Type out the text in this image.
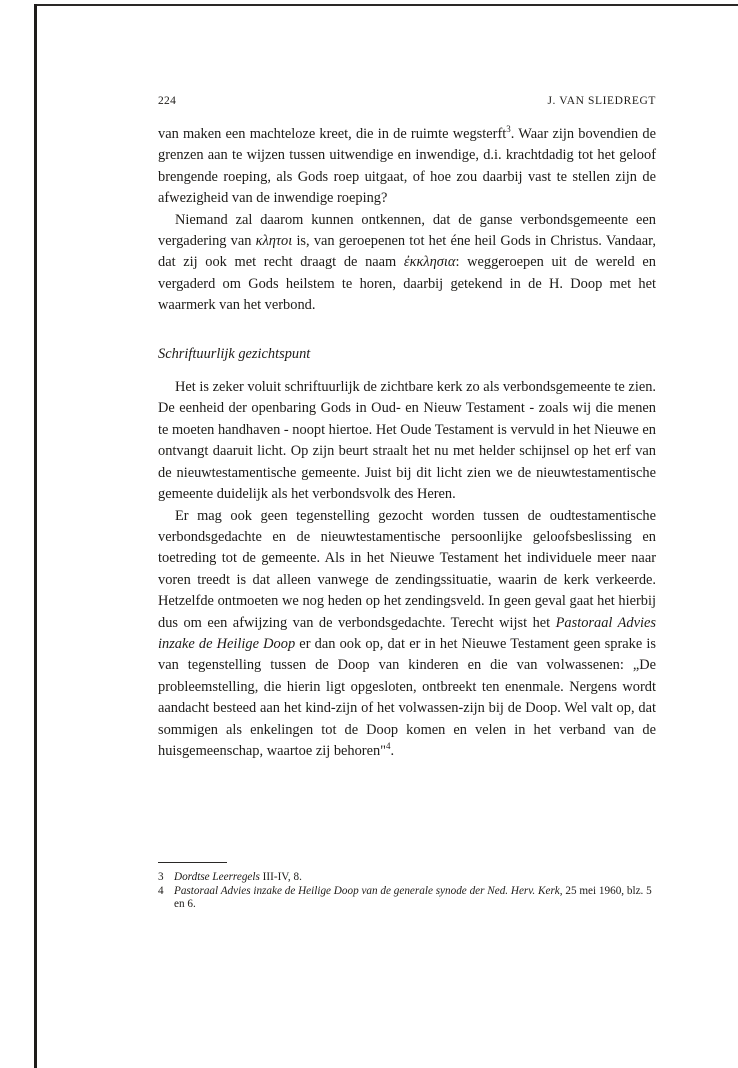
224	J. VAN SLIEDREGT

van maken een machteloze kreet, die in de ruimte wegsterft$^3$. Waar zijn bovendien de grenzen aan te wijzen tussen uitwendige en inwendige, d.i. krachtdadig tot het geloof brengende roeping, als Gods roep uitgaat, of hoe zou daarbij vast te stellen zijn de afwezigheid van de inwendige roeping?

Niemand zal daarom kunnen ontkennen, dat de ganse verbondsgemeente een vergadering van κλητοι is, van geroepenen tot het éne heil Gods in Christus. Vandaar, dat zij ook met recht draagt de naam ἐκκλησια: weggeroepen uit de wereld en vergaderd om Gods heilstem te horen, daarbij getekend in de H. Doop met het waarmerk van het verbond.

Schriftuurlijk gezichtspunt

Het is zeker voluit schriftuurlijk de zichtbare kerk zo als verbondsgemeente te zien. De eenheid der openbaring Gods in Oud- en Nieuw Testament - zoals wij die menen te moeten handhaven - noopt hiertoe. Het Oude Testament is vervuld in het Nieuwe en ontvangt daaruit licht. Op zijn beurt straalt het nu met helder schijnsel op het erf van de nieuwtestamentische gemeente. Juist bij dit licht zien we de nieuwtestamentische gemeente duidelijk als het verbondsvolk des Heren.

Er mag ook geen tegenstelling gezocht worden tussen de oudtestamentische verbondsgedachte en de nieuwtestamentische persoonlijke geloofsbeslissing en toetreding tot de gemeente. Als in het Nieuwe Testament het individuele meer naar voren treedt is dat alleen vanwege de zendingssituatie, waarin de kerk verkeerde. Hetzelfde ontmoeten we nog heden op het zendingsveld. In geen geval gaat het hierbij dus om een afwijzing van de verbondsgedachte. Terecht wijst het Pastoraal Advies inzake de Heilige Doop er dan ook op, dat er in het Nieuwe Testament geen sprake is van tegenstelling tussen de Doop van kinderen en die van volwassenen: „De probleemstelling, die hierin ligt opgesloten, ontbreekt ten enenmale. Nergens wordt aandacht besteed aan het kind-zijn of het volwassen-zijn bij de Doop. Wel valt op, dat sommigen als enkelingen tot de Doop komen en velen in het verband van de huisgemeenschap, waartoe zij behoren"$^4$.

3 Dordtse Leerregels III-IV, 8.
4 Pastoraal Advies inzake de Heilige Doop van de generale synode der Ned. Herv. Kerk, 25 mei 1960, blz. 5 en 6.
